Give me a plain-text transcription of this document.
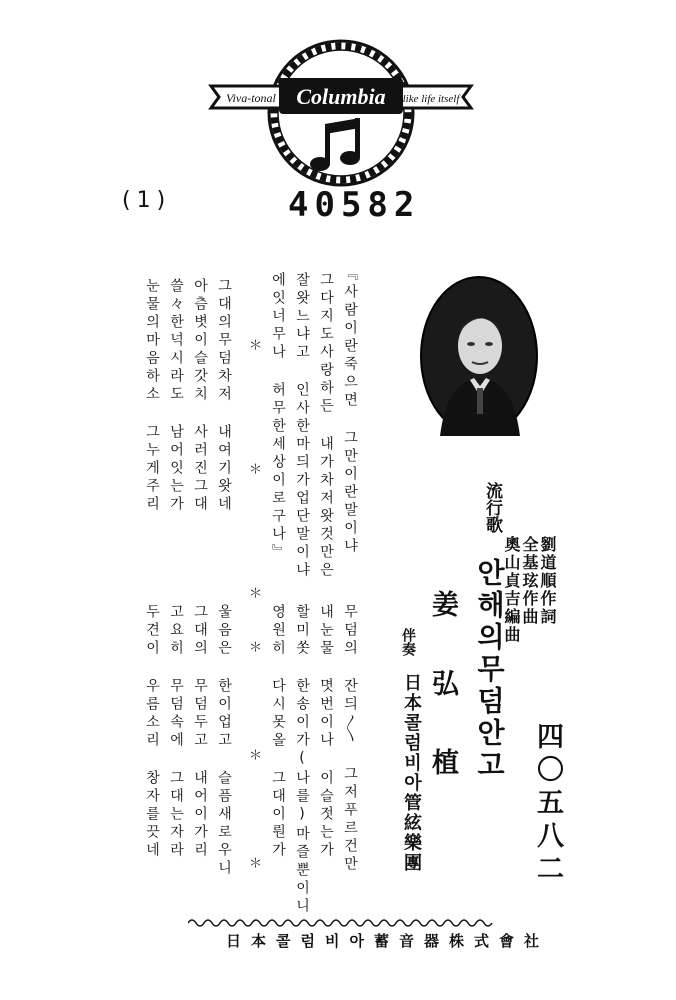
Columbia
Viva-tonal	like life itself
(1)	40582
四〇五八二
劉道順作詞
全基玹作曲
奧山貞吉編曲
流行歌
안해의무덤안고
姜弘植
伴奏
日本콜럼비아管絃樂團
『사람이란죽으면 그만이란말이냐
그다지도사랑하든 내가차저왓것만은
잘왓느냐고 인사한마듸가업단말이냐
에잇너무나 허무한세상이로구나』
＊ ＊ ＊
그대의무덤차저 내여기왓네
아츰볏이슬갓치 사러진그대
쓸々한넉시라도 남어잇는가
눈물의마음하소 그누게주리
무덤의 잔듸〳〵 그저푸르건만
내눈물 몃번이나 이슬젓는가
할미쏫 한송이가(나를)마즐뿐이니
영원히 다시못올 그대이뤈가
＊ ＊ ＊
울음은 한이업고 슬픔새로우니
그대의 무덤두고 내어이가리
고요히 무덤속에 그대는자라
두견이 우름소리 창자를끗네
日本콜럼비아蓄音器株式會社
